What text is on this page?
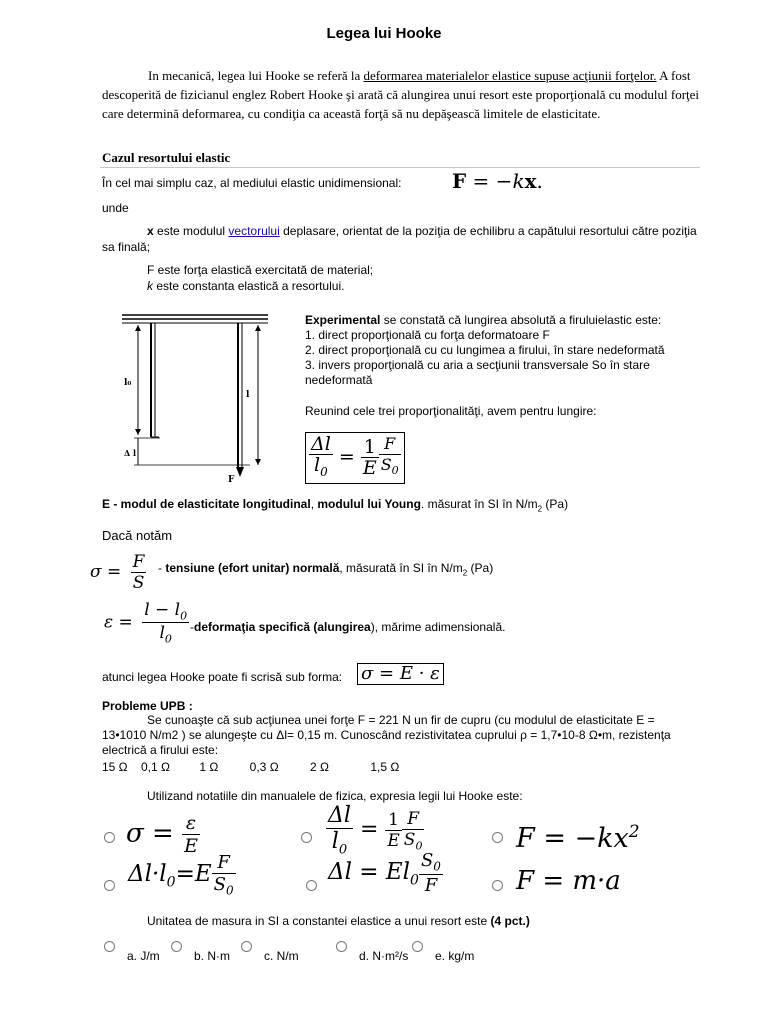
Legea lui Hooke
In mecanică, legea lui Hooke se referă la deformarea materialelor elastice supuse acţiunii forţelor. A fost descoperită de fizicianul englez Robert Hooke şi arată că alungirea unui resort este proporţională cu modulul forţei care determină deformarea, cu condiţia ca această forţă să nu depăşească limitele de elasticitate.
Cazul resortului elastic
În cel mai simplu caz, al mediului elastic unidimensional:	F = −kx.
unde
x este modulul vectorului deplasare, orientat de la poziţia de echilibru a capătului resortului către poziţia sa finală;
F este forţa elastică exercitată de material;
k este constanta elastică a resortului.
l₀
Δ l
l
F
Experimental se constată că lungirea absolută a firuluielastic este:
1. direct proporţională cu forţa deformatoare F
2. direct proporţională cu cu lungimea a firului, în stare nedeformată
3. invers proporţională cu aria a secţiunii transversale So în stare nedeformată
Reunind cele trei proporţionalităţi, avem pentru lungire:
$\frac{\Delta l}{l_0} = \frac{1}{E} \frac{F}{S_0}$
E - modul de elasticitate longitudinal, modulul lui Young. măsurat în SI în $N/m_2$ (Pa)
Dacă notăm
$\sigma = \frac{F}{S}$ - tensiune (efort unitar) normală, măsurată în SI în $N/m_2$ (Pa)
$\varepsilon = \frac{l - l_0}{l_0}$ -deformaţia specifică (alungirea), mărime adimensională.
atunci legea Hooke poate fi scrisă sub forma: σ = E · ε
Probleme UPB :
Se cunoaşte că sub acţiunea unei forţe F = 221 N un fir de cupru (cu modulul de elasticitate E = 13•1010 N/m2 ) se alungeşte cu Δl= 0,15 m. Cunoscând rezistivitatea cuprului ρ = 1,7•10-8 Ω•m, rezistenţa electrică a firului este:
15 Ω 0,1 Ω 1 Ω	0,3 Ω	2 Ω	1,5 Ω
Utilizand notatiile din manualele de fizica, expresia legii lui Hooke este:
$\sigma = \frac{\varepsilon}{E}$	$\frac{\Delta l}{l_0} = \frac{1}{E} \frac{F}{S_0}$	$F = -kx^2$
$\Delta l\cdot l_0=E \frac{F}{S_0}$	$\Delta l = El_0 \frac{S_0}{F}$	F = m·a
Unitatea de masura in SI a constantei elastice a unui resort este (4 pct.)
a. J/m	b. N·m	c. N/m	d. N·m²/s e. kg/m
